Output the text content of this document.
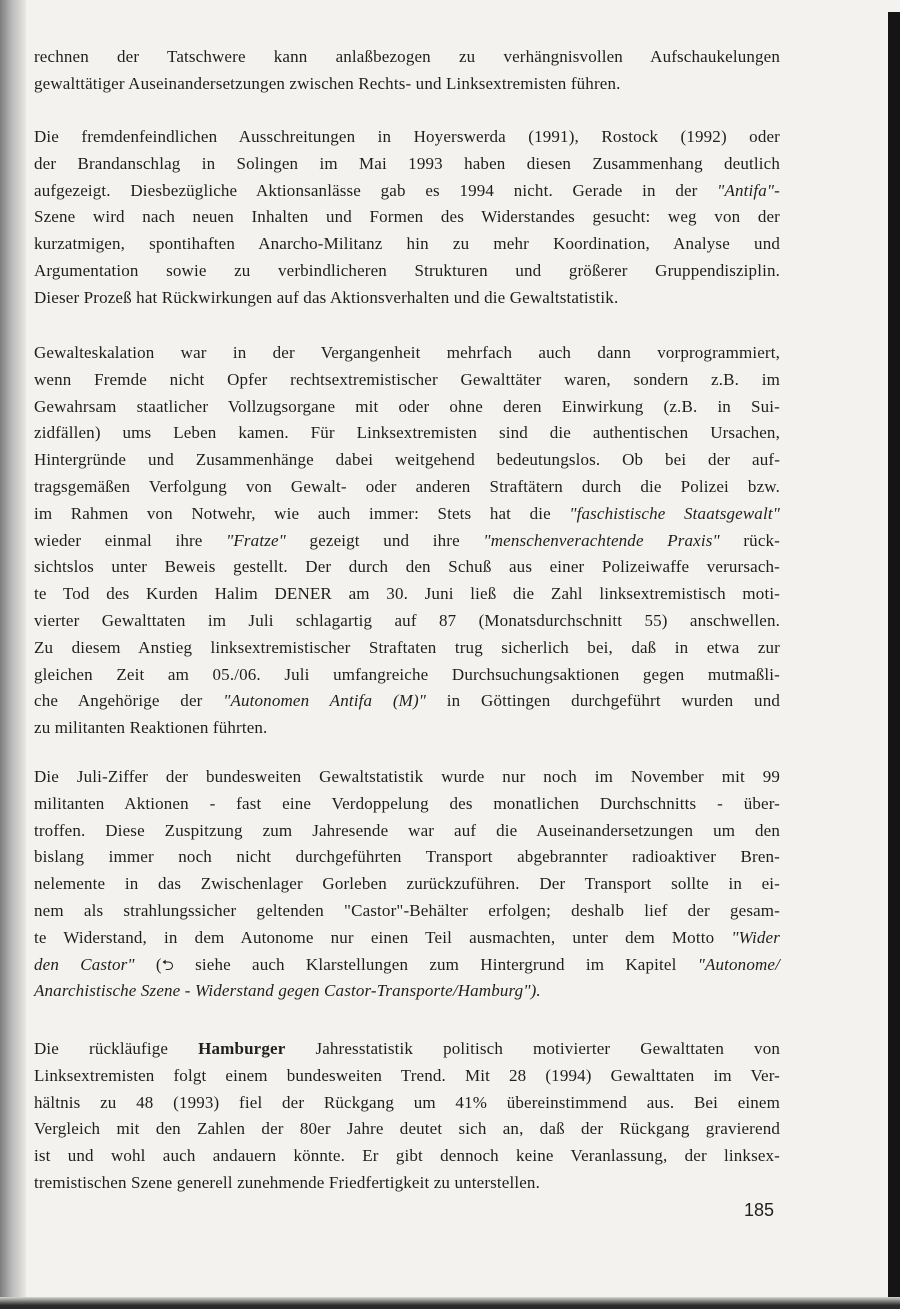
rechnen der Tatschwere kann anlaßbezogen zu verhängnisvollen Aufschaukelungen
gewalttätiger Auseinandersetzungen zwischen Rechts- und Linksextremisten führen.

Die fremdenfeindlichen Ausschreitungen in Hoyerswerda (1991), Rostock (1992) oder
der Brandanschlag in Solingen im Mai 1993 haben diesen Zusammenhang deutlich
aufgezeigt. Diesbezügliche Aktionsanlässe gab es 1994 nicht. Gerade in der "Antifa"-
Szene wird nach neuen Inhalten und Formen des Widerstandes gesucht: weg von der
kurzatmigen, spontihaften Anarcho-Militanz hin zu mehr Koordination, Analyse und
Argumentation sowie zu verbindlicheren Strukturen und größerer Gruppendisziplin.
Dieser Prozeß hat Rückwirkungen auf das Aktionsverhalten und die Gewaltstatistik.

Gewalteskalation war in der Vergangenheit mehrfach auch dann vorprogrammiert,
wenn Fremde nicht Opfer rechtsextremistischer Gewalttäter waren, sondern z.B. im
Gewahrsam staatlicher Vollzugsorgane mit oder ohne deren Einwirkung (z.B. in Sui-
zidfällen) ums Leben kamen. Für Linksextremisten sind die authentischen Ursachen,
Hintergründe und Zusammenhänge dabei weitgehend bedeutungslos. Ob bei der auf-
tragsgemäßen Verfolgung von Gewalt- oder anderen Straftätern durch die Polizei bzw.
im Rahmen von Notwehr, wie auch immer: Stets hat die "faschistische Staatsgewalt"
wieder einmal ihre "Fratze" gezeigt und ihre "menschenverachtende Praxis" rück-
sichtslos unter Beweis gestellt. Der durch den Schuß aus einer Polizeiwaffe verursach-
te Tod des Kurden Halim DENER am 30. Juni ließ die Zahl linksextremistisch moti-
vierter Gewalttaten im Juli schlagartig auf 87 (Monatsdurchschnitt 55) anschwellen.
Zu diesem Anstieg linksextremistischer Straftaten trug sicherlich bei, daß in etwa zur
gleichen Zeit am 05./06. Juli umfangreiche Durchsuchungsaktionen gegen mutmaßli-
che Angehörige der "Autonomen Antifa (M)" in Göttingen durchgeführt wurden und
zu militanten Reaktionen führten.

Die Juli-Ziffer der bundesweiten Gewaltstatistik wurde nur noch im November mit 99
militanten Aktionen - fast eine Verdoppelung des monatlichen Durchschnitts - über-
troffen. Diese Zuspitzung zum Jahresende war auf die Auseinandersetzungen um den
bislang immer noch nicht durchgeführten Transport abgebrannter radioaktiver Bren-
nelemente in das Zwischenlager Gorleben zurückzuführen. Der Transport sollte in ei-
nem als strahlungssicher geltenden "Castor"-Behälter erfolgen; deshalb lief der gesam-
te Widerstand, in dem Autonome nur einen Teil ausmachten, unter dem Motto "Wider
den Castor" (⮌ siehe auch Klarstellungen zum Hintergrund im Kapitel "Autonome/
Anarchistische Szene - Widerstand gegen Castor-Transporte/Hamburg").

Die rückläufige Hamburger Jahresstatistik politisch motivierter Gewalttaten von
Linksextremisten folgt einem bundesweiten Trend. Mit 28 (1994) Gewalttaten im Ver-
hältnis zu 48 (1993) fiel der Rückgang um 41% übereinstimmend aus. Bei einem
Vergleich mit den Zahlen der 80er Jahre deutet sich an, daß der Rückgang gravierend
ist und wohl auch andauern könnte. Er gibt dennoch keine Veranlassung, der linksex-
tremistischen Szene generell zunehmende Friedfertigkeit zu unterstellen.

185
